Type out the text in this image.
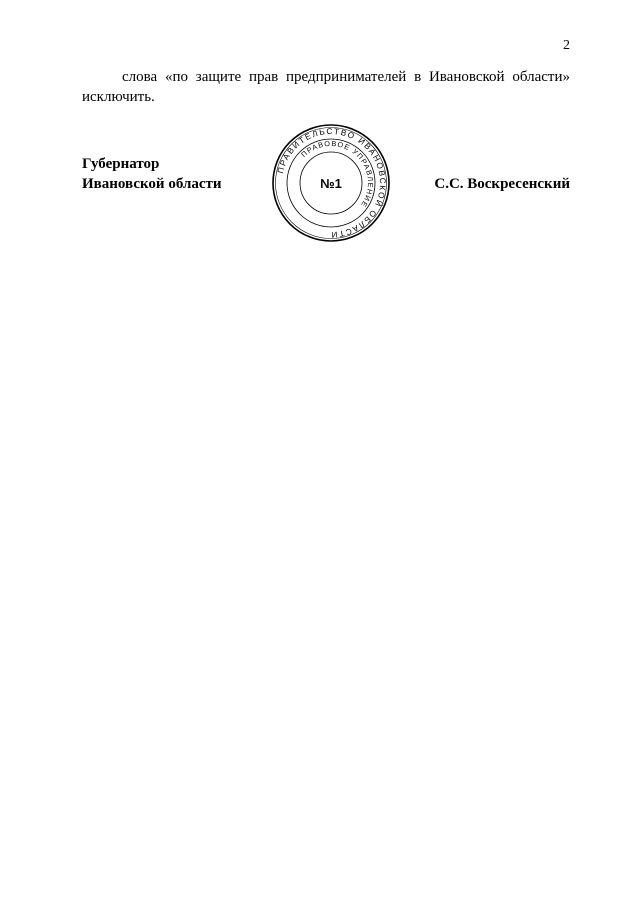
2
слова «по защите прав предпринимателей в Ивановской области»
исключить.
Губернатор
Ивановской области
ПРАВИТЕЛЬСТВО ИВАНОВСКОЙ ОБЛАСТИ
ПРАВОВОЕ УПРАВЛЕНИЕ
№1	С.С. Воскресенский
